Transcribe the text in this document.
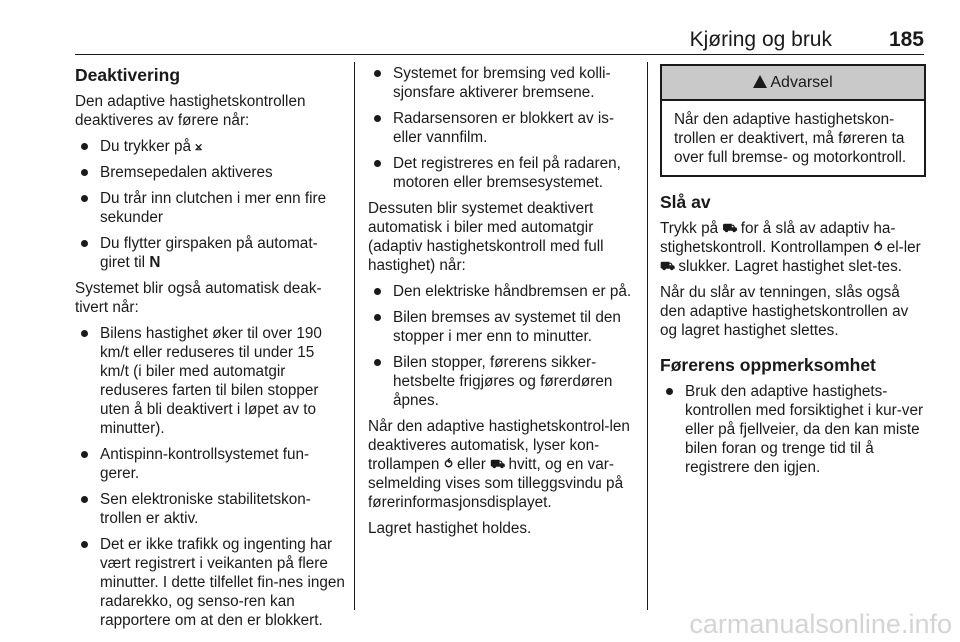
Kjøring og bruk	185
Deaktivering

Den adaptive hastighetskontrollen deaktiveres av førere når:

Du trykker på ⨲
Bremsepedalen aktiveres
Du trår inn clutchen i mer enn fire sekunder
Du flytter girspaken på automat-giret til N

Systemet blir også automatisk deak-tivert når:

Bilens hastighet øker til over 190 km/t eller reduseres til under 15 km/t (i biler med automatgir reduseres farten til bilen stopper uten å bli deaktivert i løpet av to minutter).
Antispinn-kontrollsystemet fun-gerer.
Sen elektroniske stabilitetskon-trollen er aktiv.
Det er ikke trafikk og ingenting har vært registrert i veikanten på flere minutter. I dette tilfellet fin-nes ingen radarekko, og senso-ren kan rapportere om at den er blokkert.
Systemet for bremsing ved kolli-sjonsfare aktiverer bremsene.
Radarsensoren er blokkert av is-eller vannfilm.
Det registreres en feil på radaren, motoren eller bremsesystemet.

Dessuten blir systemet deaktivert automatisk i biler med automatgir (adaptiv hastighetskontroll med full hastighet) når:

Den elektriske håndbremsen er på.
Bilen bremses av systemet til den stopper i mer enn to minutter.
Bilen stopper, førerens sikker-hetsbelte frigjøres og førerdøren åpnes.

Når den adaptive hastighetskontrol-len deaktiveres automatisk, lyser kon-trollampen ⥀ eller ⛟ hvitt, og en var-selmelding vises som tilleggsvindu på førerinformasjonsdisplayet.

Lagret hastighet holdes.

Advarsel
Når den adaptive hastighetskon-trollen er deaktivert, må føreren ta over full bremse- og motorkontroll.
Slå av

Trykk på ⛟ for å slå av adaptiv ha-stighetskontroll. Kontrollampen ⥀ el-ler ⛟ slukker. Lagret hastighet slet-tes.

Når du slår av tenningen, slås også den adaptive hastighetskontrollen av og lagret hastighet slettes.

Førerens oppmerksomhet
Bruk den adaptive hastighets-kontrollen med forsiktighet i kur-ver eller på fjellveier, da den kan miste bilen foran og trenge tid til å registrere den igjen.
carmanualsonline.info
